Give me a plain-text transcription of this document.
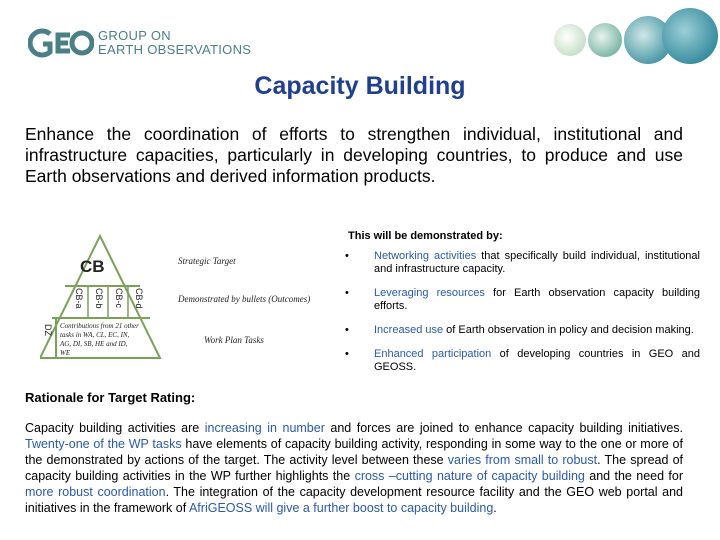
GROUP ON
EARTH OBSERVATIONS
Capacity Building
Enhance the coordination of efforts to strengthen individual, institutional and infrastructure capacities, particularly in developing countries, to produce and use Earth observations and derived information products.
CB
CB-a CB-b CB-c CB-d
DZ Contributions from 21 other
tasks in WA, CL, EC, IN,
AG, DI, SB, HE and ID,
WE
Strategic Target
Demonstrated by bullets (Outcomes)
Work Plan Tasks
This will be demonstrated by:
• Networking activities that specifically build individual, institutional and infrastructure capacity.
• Leveraging resources for Earth observation capacity building efforts.
• Increased use of Earth observation in policy and decision making.
• Enhanced participation of developing countries in GEO and GEOSS.
Rationale for Target Rating:
Capacity building activities are increasing in number and forces are joined to enhance capacity building initiatives. Twenty-one of the WP tasks have elements of capacity building activity, responding in some way to the one or more of the demonstrated by actions of the target. The activity level between these varies from small to robust. The spread of capacity building activities in the WP further highlights the cross –cutting nature of capacity building and the need for more robust coordination. The integration of the capacity development resource facility and the GEO web portal and initiatives in the framework of AfriGEOSS will give a further boost to capacity building.
